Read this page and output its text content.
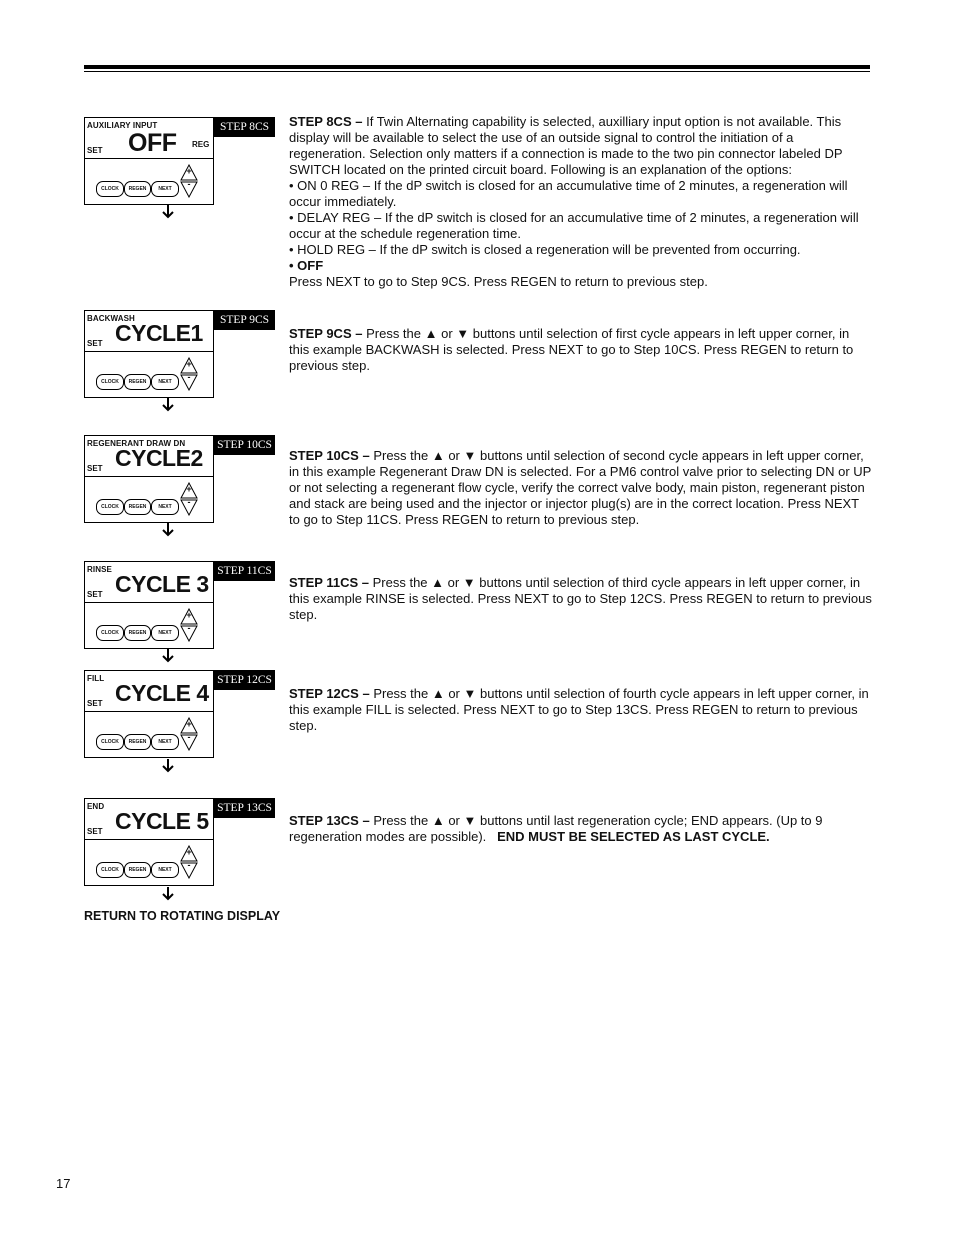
AUXILIARY INPUT
SET OFF REG
CLOCK	REGEN	NEXT
+
-
STEP 8CS	STEP 8CS – If Twin Alternating capability is selected, auxilliary input option is not available. This display will be available to select the use of an outside signal to control the initiation of a regeneration. Selection only matters if a connection is made to the two pin connector labeled DP SWITCH located on the printed circuit board. Following is an explanation of the options:

• ON 0 REG – If the dP switch is closed for an accumulative time of 2 minutes, a regeneration will occur immediately.

• DELAY REG – If the dP switch is closed for an accumulative time of 2 minutes, a regeneration will occur at the schedule regeneration time.

• HOLD REG – If the dP switch is closed a regeneration will be prevented from occurring.

• OFF

Press NEXT to go to Step 9CS. Press REGEN to return to previous step.

BACKWASH
SET CYCLE1
CLOCK	REGEN	NEXT
+
-
STEP 9CS

STEP 9CS – Press the ▲ or ▼ buttons until selection of first cycle appears in left upper corner, in this example BACKWASH is selected. Press NEXT to go to Step 10CS. Press REGEN to return to previous step.

REGENERANT DRAW DN
SET CYCLE2
CLOCK	REGEN	NEXT
+
-
STEP 10CS

STEP 10CS – Press the ▲ or ▼ buttons until selection of second cycle appears in left upper corner, in this example Regenerant Draw DN is selected. For a PM6 control valve prior to selecting DN or UP or not selecting a regenerant flow cycle, verify the correct valve body, main piston, regenerant piston and stack are being used and the injector or injector plug(s) are in the correct location. Press NEXT to go to Step 11CS. Press REGEN to return to previous step.

RINSE
SET CYCLE 3
CLOCK	REGEN	NEXT
+
-
STEP 11CS

STEP 11CS – Press the ▲ or ▼ buttons until selection of third cycle appears in left upper corner, in this example RINSE is selected. Press NEXT to go to Step 12CS. Press REGEN to return to previous step.

FILL
SET CYCLE 4
CLOCK	REGEN	NEXT
+
-
STEP 12CS

STEP 12CS – Press the ▲ or ▼ buttons until selection of fourth cycle appears in left upper corner, in this example FILL is selected. Press NEXT to go to Step 13CS. Press REGEN to return to previous step.

END
SET CYCLE 5
CLOCK	REGEN	NEXT
+
-
STEP 13CS

STEP 13CS – Press the ▲ or ▼ buttons until last regeneration cycle; END appears. (Up to 9 regeneration modes are possible). END MUST BE SELECTED AS LAST CYCLE.

RETURN TO ROTATING DISPLAY
17
